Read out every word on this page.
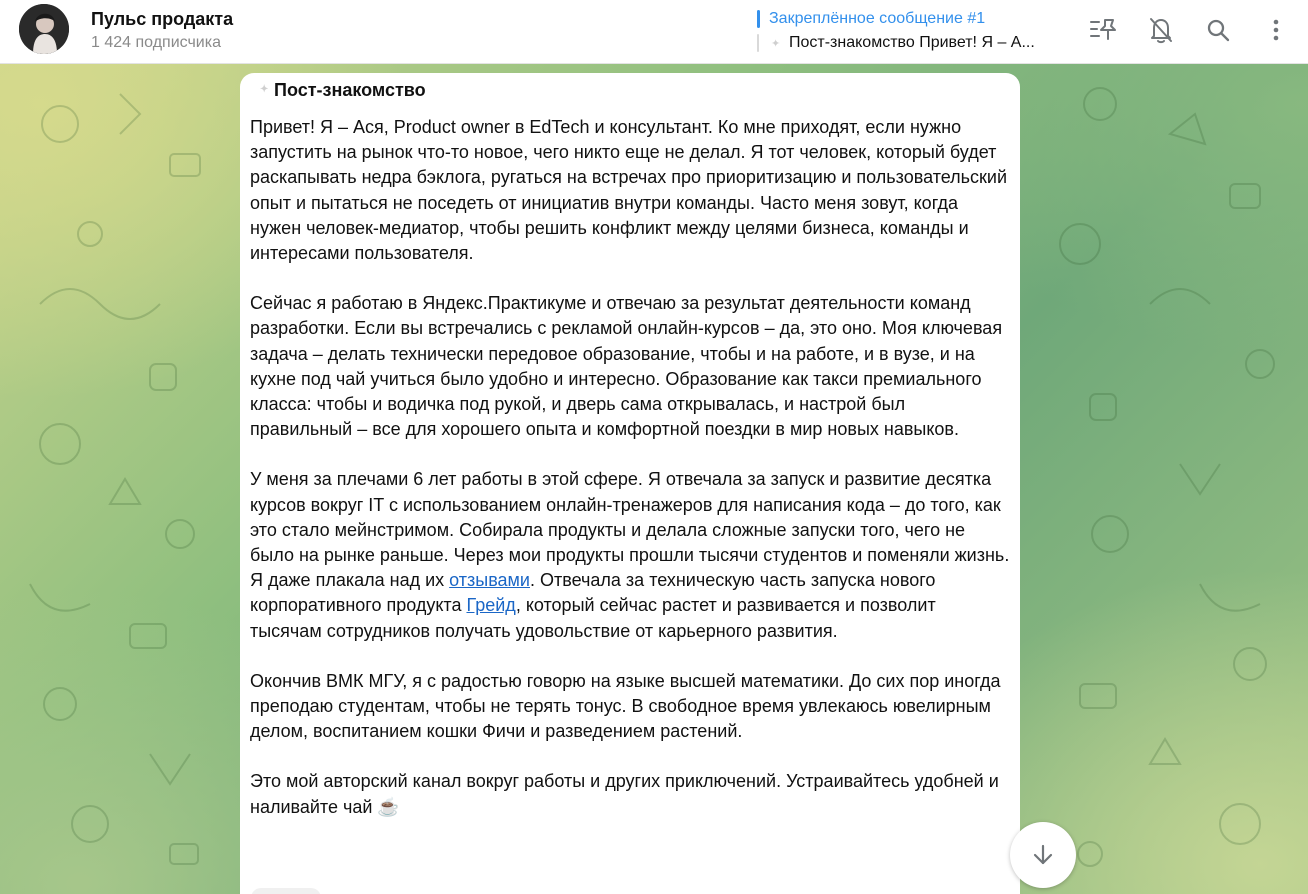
Пульс продакта
1 424 подписчика
Закреплённое сообщение #1
✦ Пост-знакомство Привет! Я – А...
✦ Пост-знакомство

Привет! Я – Ася, Product owner в EdTech и консультант. Ко мне приходят, если нужно запустить на рынок что-то новое, чего никто еще не делал. Я тот человек, который будет раскапывать недра бэклога, ругаться на встречах про приоритизацию и пользовательский опыт и пытаться не поседеть от инициатив внутри команды. Часто меня зовут, когда нужен человек-медиатор, чтобы решить конфликт между целями бизнеса, команды и интересами пользователя.

Сейчас я работаю в Яндекс.Практикуме и отвечаю за результат деятельности команд разработки. Если вы встречались с рекламой онлайн-курсов – да, это оно. Моя ключевая задача – делать технически передовое образование, чтобы и на работе, и в вузе, и на кухне под чай учиться было удобно и интересно. Образование как такси премиального класса: чтобы и водичка под рукой, и дверь сама открывалась, и настрой был правильный – все для хорошего опыта и комфортной поездки в мир новых навыков.

У меня за плечами 6 лет работы в этой сфере. Я отвечала за запуск и развитие десятка курсов вокруг IT с использованием онлайн-тренажеров для написания кода – до того, как это стало мейнстримом. Собирала продукты и делала сложные запуски того, чего не было на рынке раньше. Через мои продукты прошли тысячи студентов и поменяли жизнь. Я даже плакала над их отзывами. Отвечала за техническую часть запуска нового корпоративного продукта Грейд, который сейчас растет и развивается и позволит тысячам сотрудников получать удовольствие от карьерного развития.

Окончив ВМК МГУ, я с радостью говорю на языке высшей математики. До сих пор иногда преподаю студентам, чтобы не терять тонус. В свободное время увлекаюсь ювелирным делом, воспитанием кошки Фичи и разведением растений.

Это мой авторский канал вокруг работы и других приключений. Устраивайтесь удобней и наливайте чай ☕
